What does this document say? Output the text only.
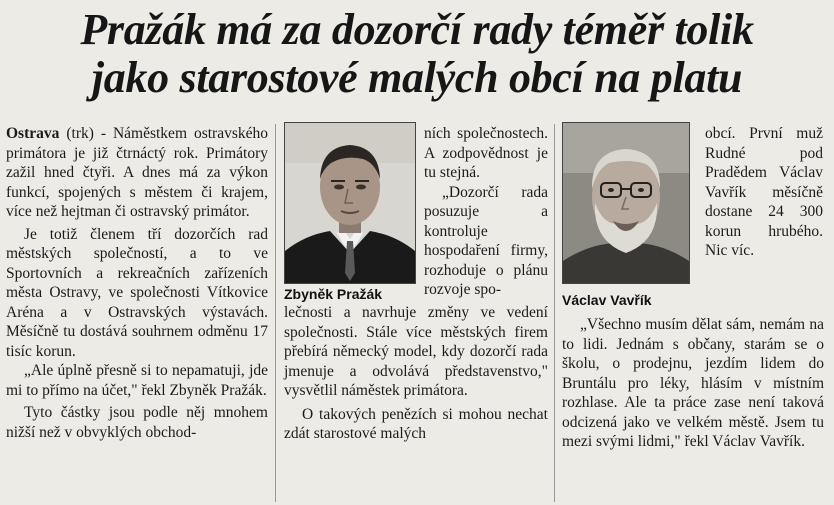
Pražák má za dozorčí rady téměř tolik
jako starostové malých obcí na platu

Ostrava (trk) - Náměstkem ostravského primátora je již čtrnáctý rok. Primátory zažil hned čtyři. A dnes má za výkon funkcí, spojených s městem či krajem, více než hejtman či ostravský primátor.

Je totiž členem tří dozorčích rad městských společností, a to ve Sportovních a rekreačních zařízeních města Ostravy, ve společnosti Vítkovice Aréna a v Ostravských výstavách. Měsíčně tu dostává souhrnem odměnu 17 tisíc korun.

„Ale úplně přesně si to nepamatuji, jde mi to přímo na účet," řekl Zbyněk Pražák.

Tyto částky jsou podle něj mnohem nižší než v obvyklých obchod-

Zbyněk Pražák

ních společnostech. A zodpovědnost je tu stejná.

„Dozorčí rada posuzuje a kontroluje hospodaření firmy, rozhoduje o plánu rozvoje spo-

lečnosti a navrhuje změny ve vedení společnosti. Stále více městských firem přebírá německý model, kdy dozorčí rada jmenuje a odvolává představenstvo," vysvětlil náměstek primátora.

O takových penězích si mohou nechat zdát starostové malých

Václav Vavřík

obcí. První muž Rudné pod Pradědem Václav Vavřík měsíčně dostane 24 300 korun hrubého. Nic víc.

„Všechno musím dělat sám, nemám na to lidi. Jednám s občany, starám se o školu, o prodejnu, jezdím lidem do Bruntálu pro léky, hlásím v místním rozhlase. Ale ta práce zase není taková odcizená jako ve velkém městě. Jsem tu mezi svými lidmi," řekl Václav Vavřík.
